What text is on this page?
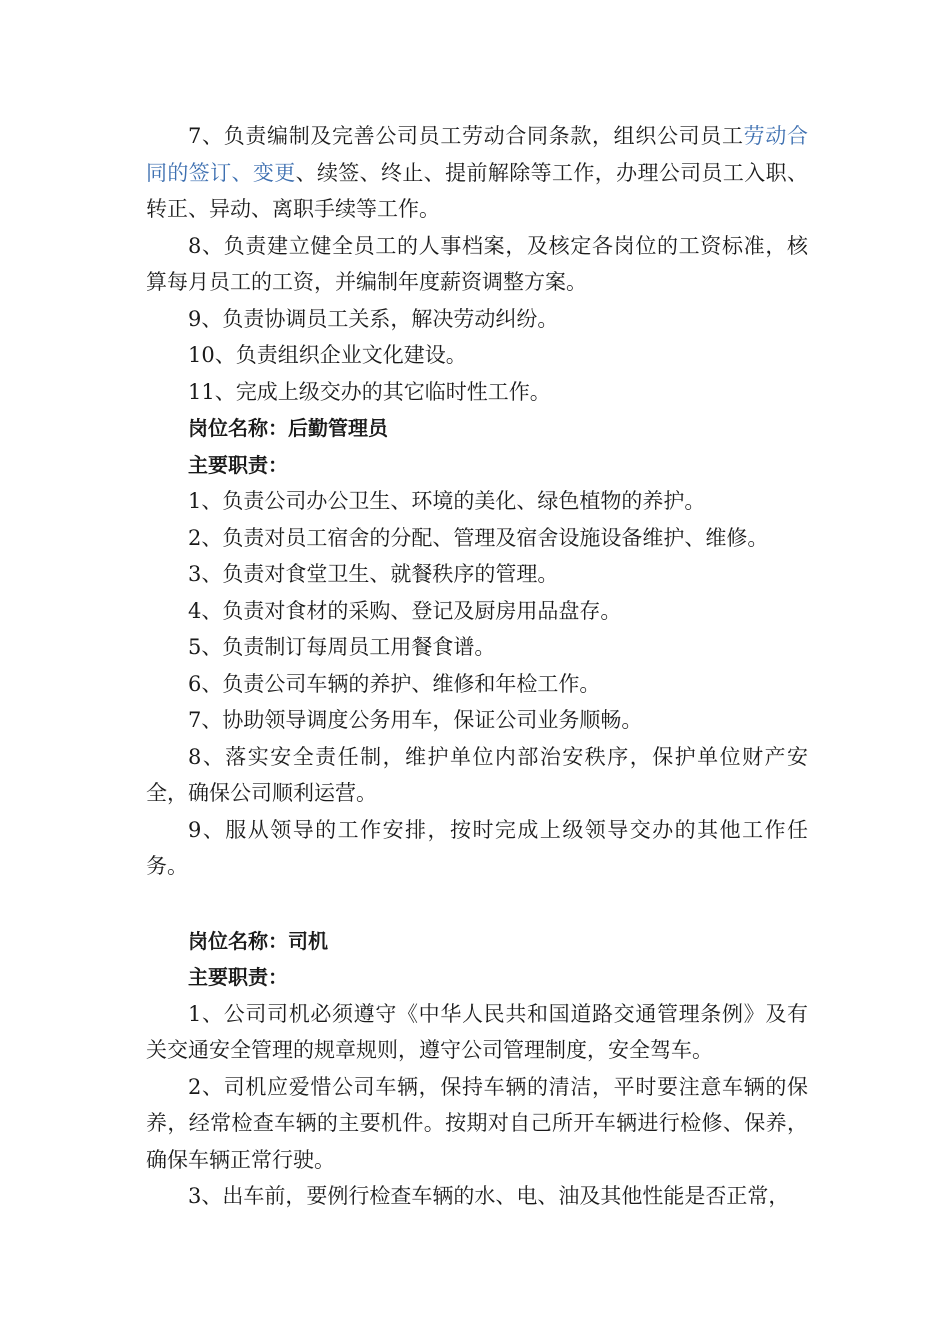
7、负责编制及完善公司员工劳动合同条款，组织公司员工劳动合同的签订、变更、续签、终止、提前解除等工作，办理公司员工入职、转正、异动、离职手续等工作。

8、负责建立健全员工的人事档案，及核定各岗位的工资标准，核算每月员工的工资，并编制年度薪资调整方案。

9、负责协调员工关系，解决劳动纠纷。

10、负责组织企业文化建设。

11、完成上级交办的其它临时性工作。

岗位名称：后勤管理员

主要职责：

1、负责公司办公卫生、环境的美化、绿色植物的养护。

2、负责对员工宿舍的分配、管理及宿舍设施设备维护、维修。

3、负责对食堂卫生、就餐秩序的管理。

4、负责对食材的采购、登记及厨房用品盘存。

5、负责制订每周员工用餐食谱。

6、负责公司车辆的养护、维修和年检工作。

7、协助领导调度公务用车，保证公司业务顺畅。

8、落实安全责任制，维护单位内部治安秩序，保护单位财产安全，确保公司顺利运营。

9、服从领导的工作安排，按时完成上级领导交办的其他工作任务。

岗位名称：司机

主要职责：

1、公司司机必须遵守《中华人民共和国道路交通管理条例》及有关交通安全管理的规章规则，遵守公司管理制度，安全驾车。

2、司机应爱惜公司车辆，保持车辆的清洁，平时要注意车辆的保养，经常检查车辆的主要机件。按期对自己所开车辆进行检修、保养，确保车辆正常行驶。

3、出车前，要例行检查车辆的水、电、油及其他性能是否正常，
